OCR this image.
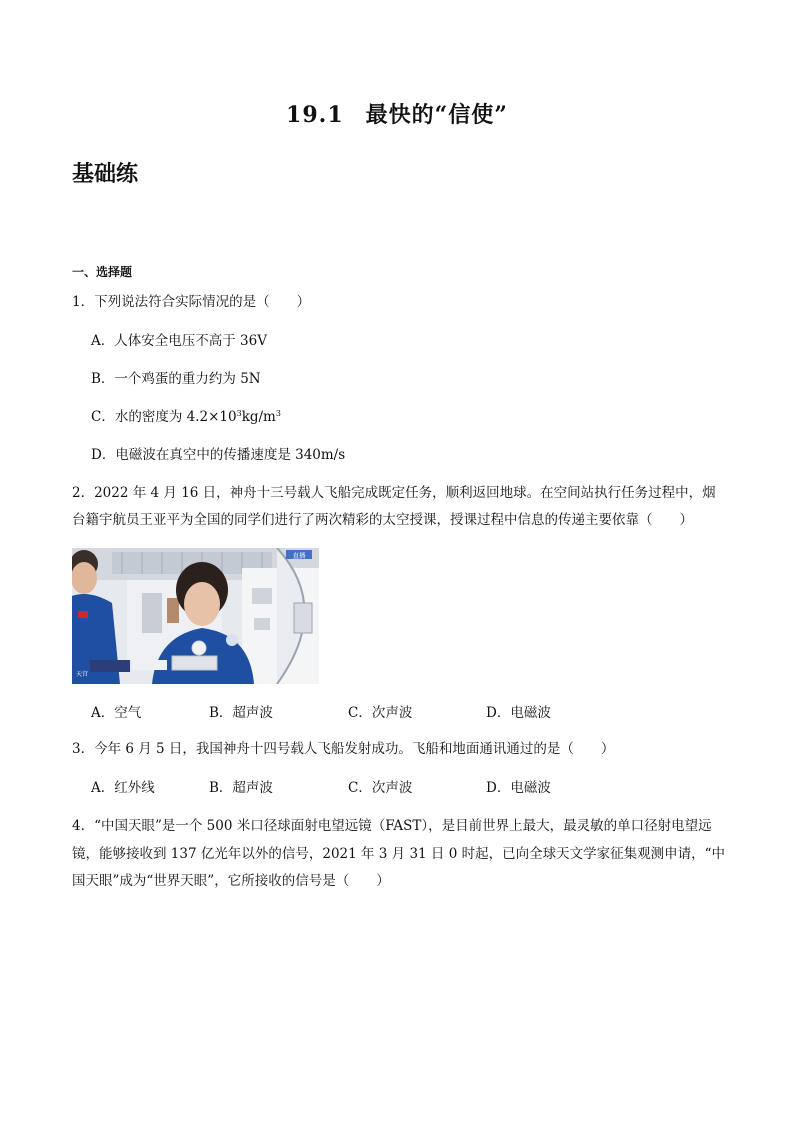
19.1 最快的“信使”
基础练
一、选择题
1．下列说法符合实际情况的是（　　）
A．人体安全电压不高于 36V
B．一个鸡蛋的重力约为 5N
C．水的密度为 $4.2\times 10^3kg/m^3$
D．电磁波在真空中的传播速度是 340m/s
2．2022 年 4 月 16 日，神舟十三号载人飞船完成既定任务，顺利返回地球。在空间站执行任务过程中，烟
台籍宇航员王亚平为全国的同学们进行了两次精彩的太空授课，授课过程中信息的传递主要依靠（　　）
直播
天宫
A．空气	B．超声波	C．次声波	D．电磁波
3．今年 6 月 5 日，我国神舟十四号载人飞船发射成功。飞船和地面通讯通过的是（　　）
A．红外线	B．超声波	C．次声波	D．电磁波
4．“中国天眼”是一个 500 米口径球面射电望远镜（FAST），是目前世界上最大，最灵敏的单口径射电望远
镜，能够接收到 137 亿光年以外的信号，2021 年 3 月 31 日 0 时起，已向全球天文学家征集观测申请，“中
国天眼”成为“世界天眼”，它所接收的信号是（　　）
